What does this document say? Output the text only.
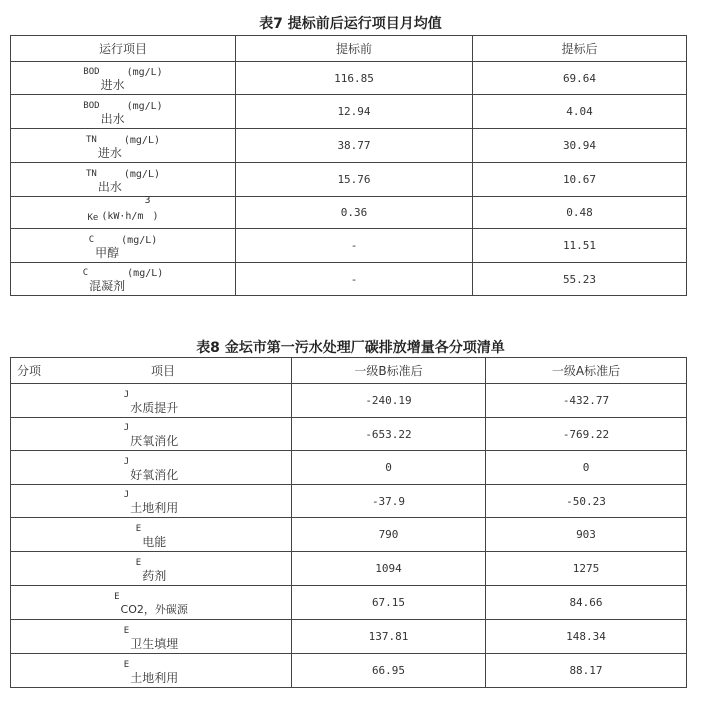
表7 提标前后运行项目月均值
运行项目	提标前	提标后

BOD
进水
(mg/L)	116.85	69.64

BOD
出水
(mg/L)	12.94	4.04

TN
进水
(mg/L)	38.77	30.94

TN
出水
(mg/L)	15.76	10.67

Ke (kW·h/m
3
)	0.36	0.48

C
甲醇
(mg/L)	-	11.51

C
混凝剂
(mg/L)	-	55.23
表8 金坛市第一污水处理厂碳排放增量各分项清单
分项 项目	一级B标准后	一级A标准后

J
水质提升	-240.19	-432.77

J
厌氧消化	-653.22	-769.22

J
好氧消化	0	0

J
土地利用	-37.9	-50.23

E
电能	790	903

E
药剂	1094	1275

E
CO2，外碳源	67.15	84.66

E
卫生填埋	137.81	148.34

E
土地利用	66.95	88.17
